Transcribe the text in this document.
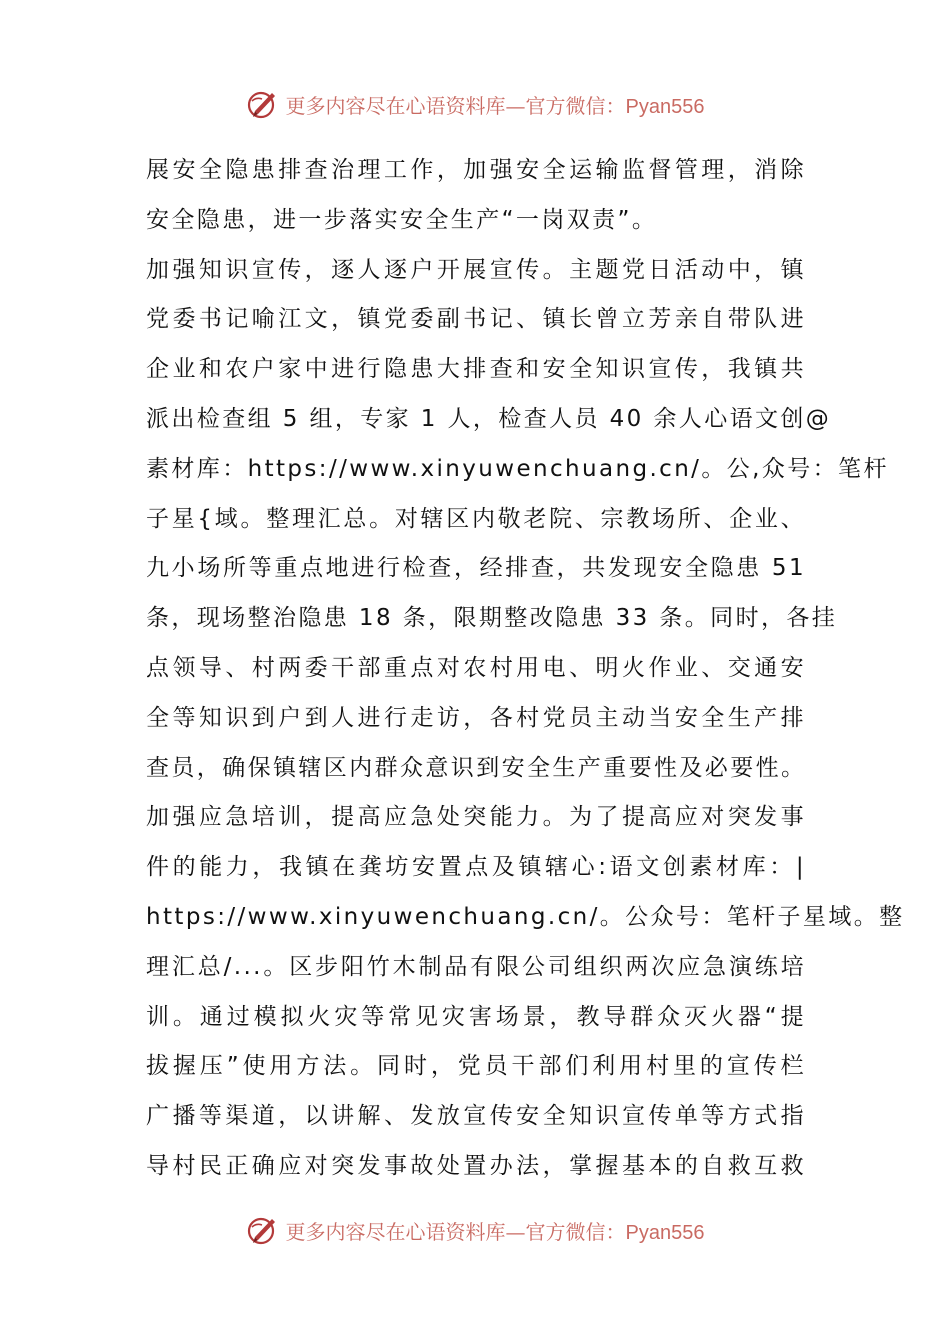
更多内容尽在心语资料库—官方微信：Pyan556
展安全隐患排查治理工作，加强安全运输监督管理，消除
安全隐患，进一步落实安全生产“一岗双责”。
加强知识宣传，逐人逐户开展宣传。主题党日活动中，镇
党委书记喻江文，镇党委副书记、镇长曾立芳亲自带队进
企业和农户家中进行隐患大排查和安全知识宣传，我镇共
派出检查组 5 组，专家 1 人，检查人员 40 余人心语文创@
素材库：https://www.xinyuwenchuang.cn/。公,众号：笔杆
子星{域。整理汇总。对辖区内敬老院、宗教场所、企业、
九小场所等重点地进行检查，经排查，共发现安全隐患 51
条，现场整治隐患 18 条，限期整改隐患 33 条。同时，各挂
点领导、村两委干部重点对农村用电、明火作业、交通安
全等知识到户到人进行走访，各村党员主动当安全生产排
查员，确保镇辖区内群众意识到安全生产重要性及必要性。
加强应急培训，提高应急处突能力。为了提高应对突发事
件的能力，我镇在龚坊安置点及镇辖心:语文创素材库：|
https://www.xinyuwenchuang.cn/。公众号：笔杆子星域。整
理汇总/...。区步阳竹木制品有限公司组织两次应急演练培
训。通过模拟火灾等常见灾害场景，教导群众灭火器“提
拔握压”使用方法。同时，党员干部们利用村里的宣传栏
广播等渠道，以讲解、发放宣传安全知识宣传单等方式指
导村民正确应对突发事故处置办法，掌握基本的自救互救
更多内容尽在心语资料库—官方微信：Pyan556
